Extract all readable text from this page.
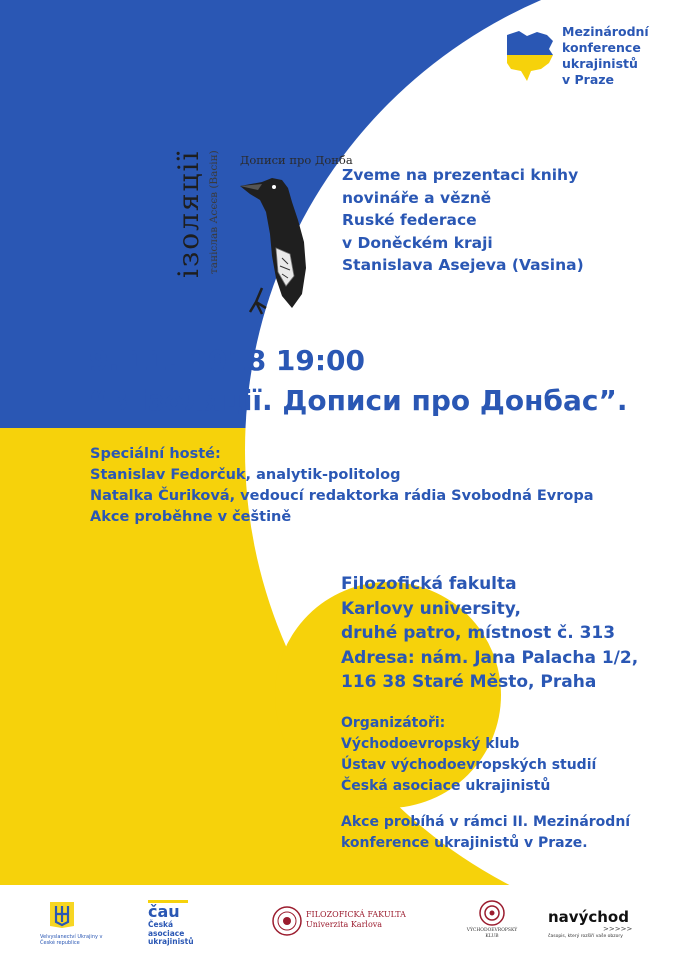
Mezinárodní
konference
ukrajinistů
v Praze
ізоляції танiслав Асєєв (Васін)	Дописи про Донбa
Zveme na prezentaci knihy
novináře a vězně
Ruské federace
v Doněckém kraji
Stanislava Asejeva (Vasina)
9. 11. 2018 19:00
“В ізоляції. Дописи про Донбас”.
Speciální hosté:
Stanislav Fedorčuk, analytik-politolog
Natalka Čuriková, vedoucí redaktorka rádia Svobodná Evropa
Akce proběhne v češtině
Filozofická fakulta
Karlovy university,
druhé patro, místnost č. 313
Adresa: nám. Jana Palacha 1/2,
116 38 Staré Město, Praha
Organizátoři:
Východoevropský klub
Ústav východoevropských studií
Česká asociace ukrajinistů
Akce probíhá v rámci II. Mezinárodní
konference ukrajinistů v Praze.
Velvyslanectví Ukrajiny v České republice
čau
Česká
asociace
ukrajinistů
FILOZOFICKÁ FAKULTA
Univerzita Karlova
VÝCHODOEVROPSKÝ
KLUB
navýchod
>>>>>
časopis, který rozšíří vaše obzory
